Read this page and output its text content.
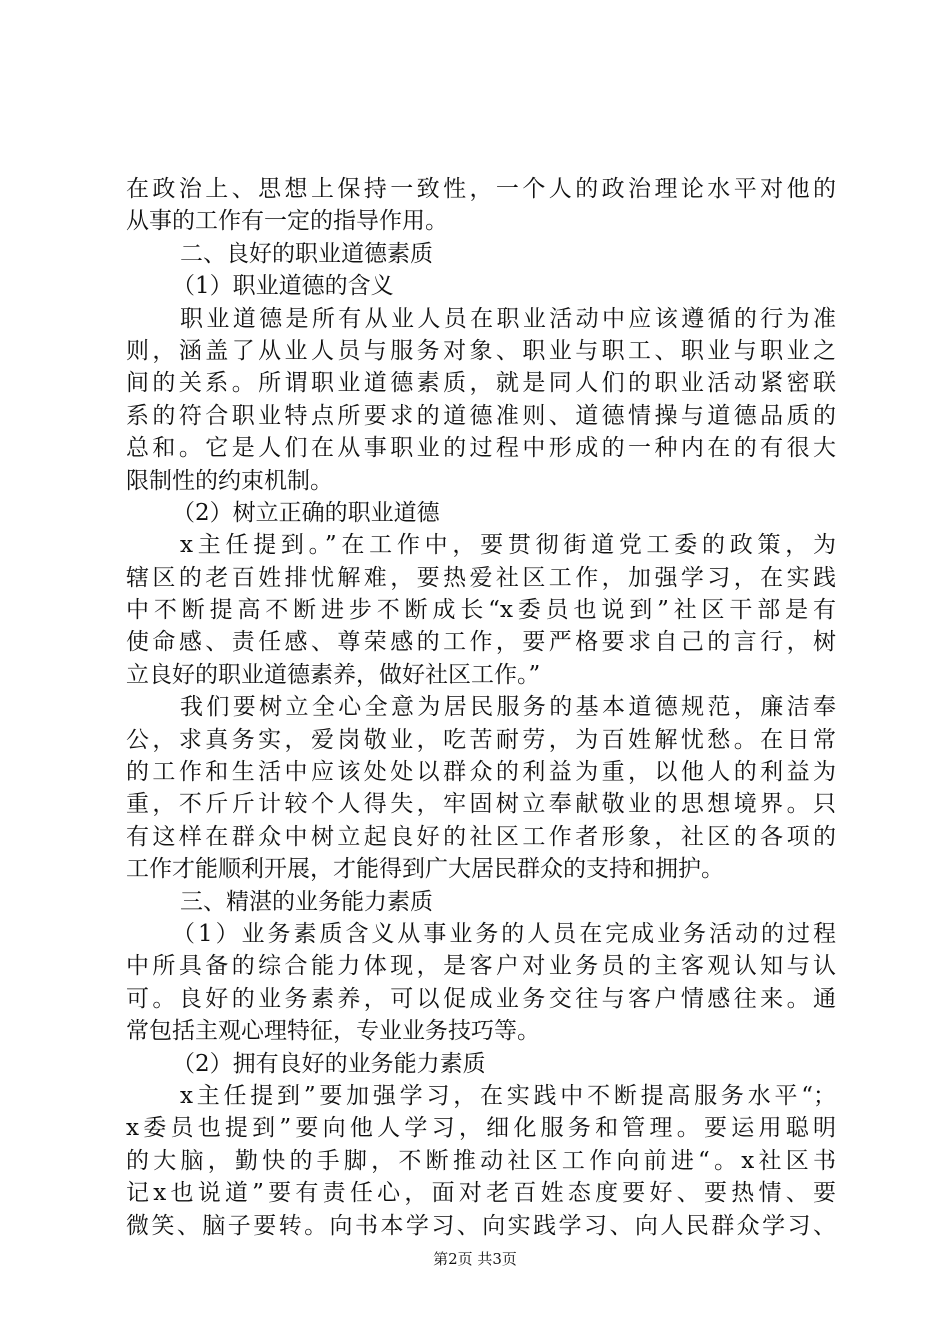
在政治上、思想上保持一致性，一个人的政治理论水平对他的
从事的工作有一定的指导作用。
二、良好的职业道德素质
（1）职业道德的含义
职业道德是所有从业人员在职业活动中应该遵循的行为准
则，涵盖了从业人员与服务对象、职业与职工、职业与职业之
间的关系。所谓职业道德素质，就是同人们的职业活动紧密联
系的符合职业特点所要求的道德准则、道德情操与道德品质的
总和。它是人们在从事职业的过程中形成的一种内在的有很大
限制性的约束机制。
（2）树立正确的职业道德
x主任提到。”在工作中，要贯彻街道党工委的政策，为
辖区的老百姓排忧解难，要热爱社区工作，加强学习，在实践
中不断提高不断进步不断成长“x委员也说到”社区干部是有
使命感、责任感、尊荣感的工作，要严格要求自己的言行，树
立良好的职业道德素养，做好社区工作。”
我们要树立全心全意为居民服务的基本道德规范，廉洁奉
公，求真务实，爱岗敬业，吃苦耐劳，为百姓解忧愁。在日常
的工作和生活中应该处处以群众的利益为重，以他人的利益为
重，不斤斤计较个人得失，牢固树立奉献敬业的思想境界。只
有这样在群众中树立起良好的社区工作者形象，社区的各项的
工作才能顺利开展，才能得到广大居民群众的支持和拥护。
三、精湛的业务能力素质
（1）业务素质含义从事业务的人员在完成业务活动的过程
中所具备的综合能力体现，是客户对业务员的主客观认知与认
可。良好的业务素养，可以促成业务交往与客户情感往来。通
常包括主观心理特征，专业业务技巧等。
（2）拥有良好的业务能力素质
x主任提到”要加强学习，在实践中不断提高服务水平“；
x委员也提到”要向他人学习，细化服务和管理。要运用聪明
的大脑，勤快的手脚，不断推动社区工作向前进“。x社区书
记x也说道”要有责任心，面对老百姓态度要好、要热情、要
微笑、脑子要转。向书本学习、向实践学习、向人民群众学习、
第2页 共3页
